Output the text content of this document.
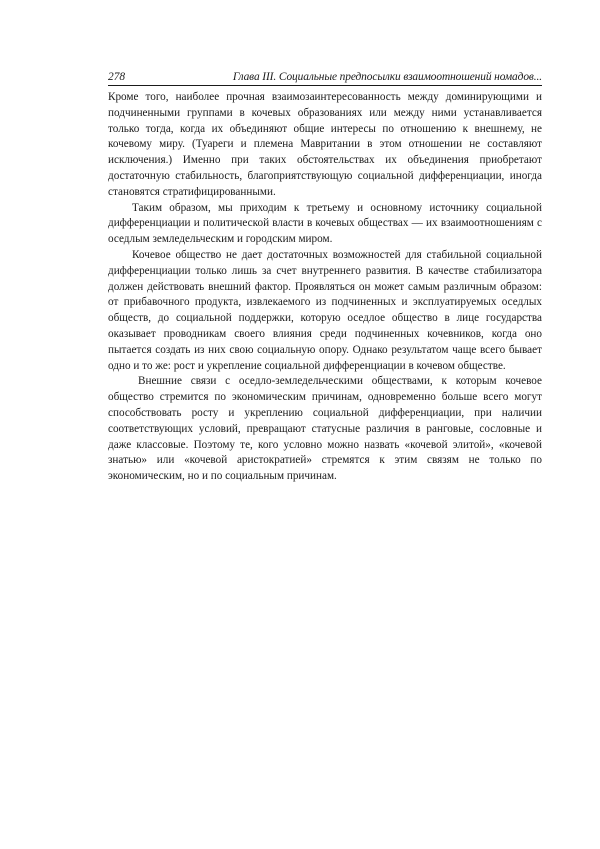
278	Глава III. Социальные предпосылки взаимоотношений номадов...

Кроме того, наиболее прочная взаимозаинтересованность между доминирующими и подчиненными группами в кочевых образованиях или между ними устанавливается только тогда, когда их объединяют общие интересы по отношению к внешнему, не кочевому миру. (Туареги и племена Мавритании в этом отношении не составляют исключения.) Именно при таких обстоятельствах их объединения приобретают достаточную стабильность, благоприятствующую социальной дифференциации, иногда становятся стратифицированными.

Таким образом, мы приходим к третьему и основному источнику социальной дифференциации и политической власти в кочевых обществах — их взаимоотношениям с оседлым земледельческим и городским миром.

Кочевое общество не дает достаточных возможностей для стабильной социальной дифференциации только лишь за счет внутреннего развития. В качестве стабилизатора должен действовать внешний фактор. Проявляться он может самым различным образом: от прибавочного продукта, извлекаемого из подчиненных и эксплуатируемых оседлых обществ, до социальной поддержки, которую оседлое общество в лице государства оказывает проводникам своего влияния среди подчиненных кочевников, когда оно пытается создать из них свою социальную опору. Однако результатом чаще всего бывает одно и то же: рост и укрепление социальной дифференциации в кочевом обществе.

Внешние связи с оседло-земледельческими обществами, к которым кочевое общество стремится по экономическим причинам, одновременно больше всего могут способствовать росту и укреплению социальной дифференциации, при наличии соответствующих условий, превращают статусные различия в ранговые, сословные и даже классовые. Поэтому те, кого условно можно назвать «кочевой элитой», «кочевой знатью» или «кочевой аристократией» стремятся к этим связям не только по экономическим, но и по социальным причинам.
